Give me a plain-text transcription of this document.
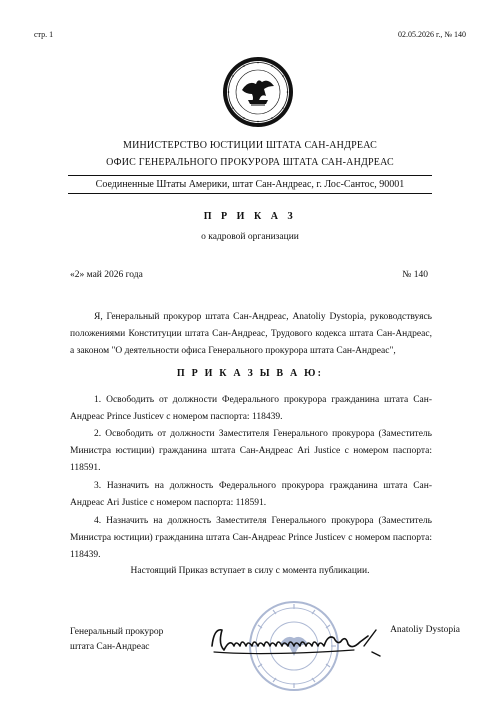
стр. 1	02.05.2026 г., № 140
МИНИСТЕРСТВО ЮСТИЦИИ ШТАТА САН-АНДРЕАС
ОФИС ГЕНЕРАЛЬНОГО ПРОКУРОРА ШТАТА САН-АНДРЕАС
Соединенные Штаты Америки, штат Сан-Андреас, г. Лос-Сантос, 90001
П Р И К А З
о кадровой организации
«2» май 2026 года	№ 140
Я, Генеральный прокурор штата Сан-Андреас, Anatoliy Dystopia, руководствуясь положениями Конституции штата Сан-Андреас, Трудового кодекса штата Сан-Андреас, а законом "О деятельности офиса Генерального прокурора штата Сан-Андреас",
П Р И К А З Ы В А Ю:
1. Освободить от должности Федерального прокурора гражданина штата Сан-Андреас Prince Justicev с номером паспорта: 118439.
2. Освободить от должности Заместителя Генерального прокурора (Заместитель Министра юстиции) гражданина штата Сан-Андреас Ari Justice с номером паспорта: 118591.
3. Назначить на должность Федерального прокурора гражданина штата Сан-Андреас Ari Justice с номером паспорта: 118591.
4. Назначить на должность Заместителя Генерального прокурора (Заместитель Министра юстиции) гражданина штата Сан-Андреас Prince Justicev с номером паспорта: 118439.
Настоящий Приказ вступает в силу с момента публикации.
Генеральный прокурор
штата Сан-Андреас
Anatoliy Dystopia
